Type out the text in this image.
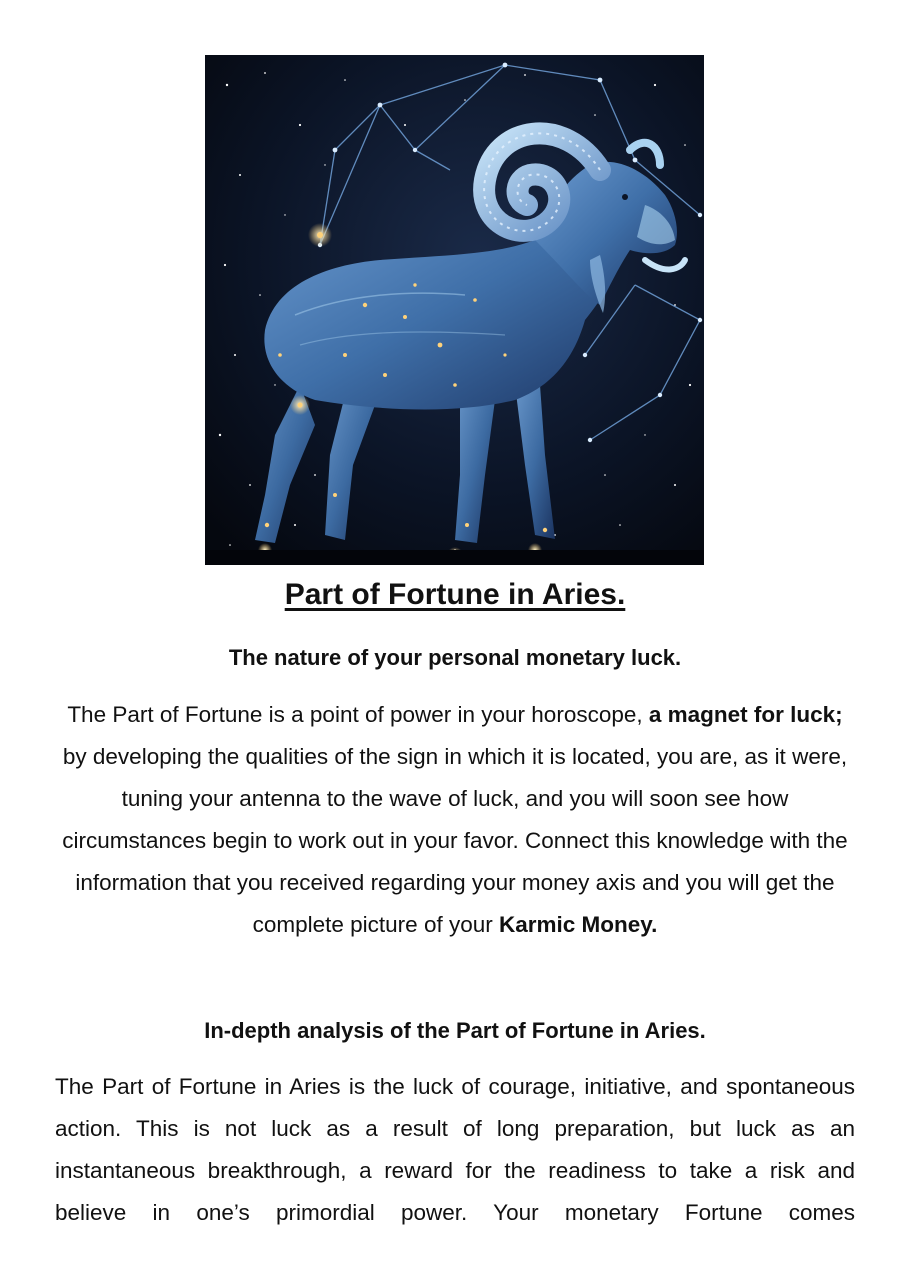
Part of Fortune in Aries.
The nature of your personal monetary luck.

The Part of Fortune is a point of power in your horoscope, a magnet for luck; by developing the qualities of the sign in which it is located, you are, as it were, tuning your antenna to the wave of luck, and you will soon see how circumstances begin to work out in your favor. Connect this knowledge with the information that you received regarding your money axis and you will get the complete picture of your Karmic Money.

In-depth analysis of the Part of Fortune in Aries.

The Part of Fortune in Aries is the luck of courage, initiative, and spontaneous action. This is not luck as a result of long preparation, but luck as an instantaneous breakthrough, a reward for the readiness to take a risk and believe in one’s primordial power. Your monetary Fortune comes
